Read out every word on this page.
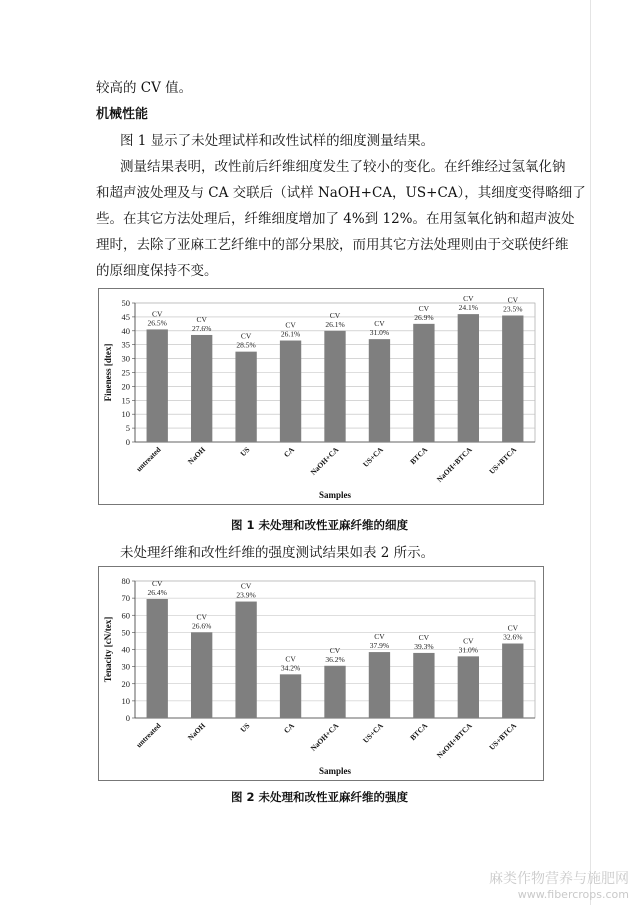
较高的 CV 值。
机械性能
图 1 显示了未处理试样和改性试样的细度测量结果。
测量结果表明，改性前后纤维细度发生了较小的变化。在纤维经过氢氧化钠
和超声波处理及与 CA 交联后（试样 NaOH+CA，US+CA），其细度变得略细了
些。在其它方法处理后，纤维细度增加了 4%到 12%。在用氢氧化钠和超声波处
理时，去除了亚麻工艺纤维中的部分果胶，而用其它方法处理则由于交联使纤维
的原细度保持不变。
0
5
10
15
20
25
30
35
40
45
50
CV
26.5%
untreated
CV
27.6%
NaOH
CV
28.5%
US
CV
26.1%
CA
CV
26.1%
NaOH+CA
CV
31.0%
US+CA
CV
26.9%
BTCA
CV
24.1%
NaOH+BTCA
CV
23.5%
US+BTCA
Fineness [dtex]
Samples
图 1 未处理和改性亚麻纤维的细度
未处理纤维和改性纤维的强度测试结果如表 2 所示。
0
10
20
30
40
50
60
70
80	CV
26.4%
untreated
CV
26.6%
NaOH
CV
23.9%
US
CV
34.2%
CA
CV
36.2%
NaOH+CA
CV
37.9%
US+CA
CV
39.3%
BTCA
CV
31.0%
NaOH+BTCA
CV
32.6%
US+BTCA
Tenacity [cN/tex]
Samples
图 2 未处理和改性亚麻纤维的强度
麻类作物营养与施肥网
www.fibercrops.com
